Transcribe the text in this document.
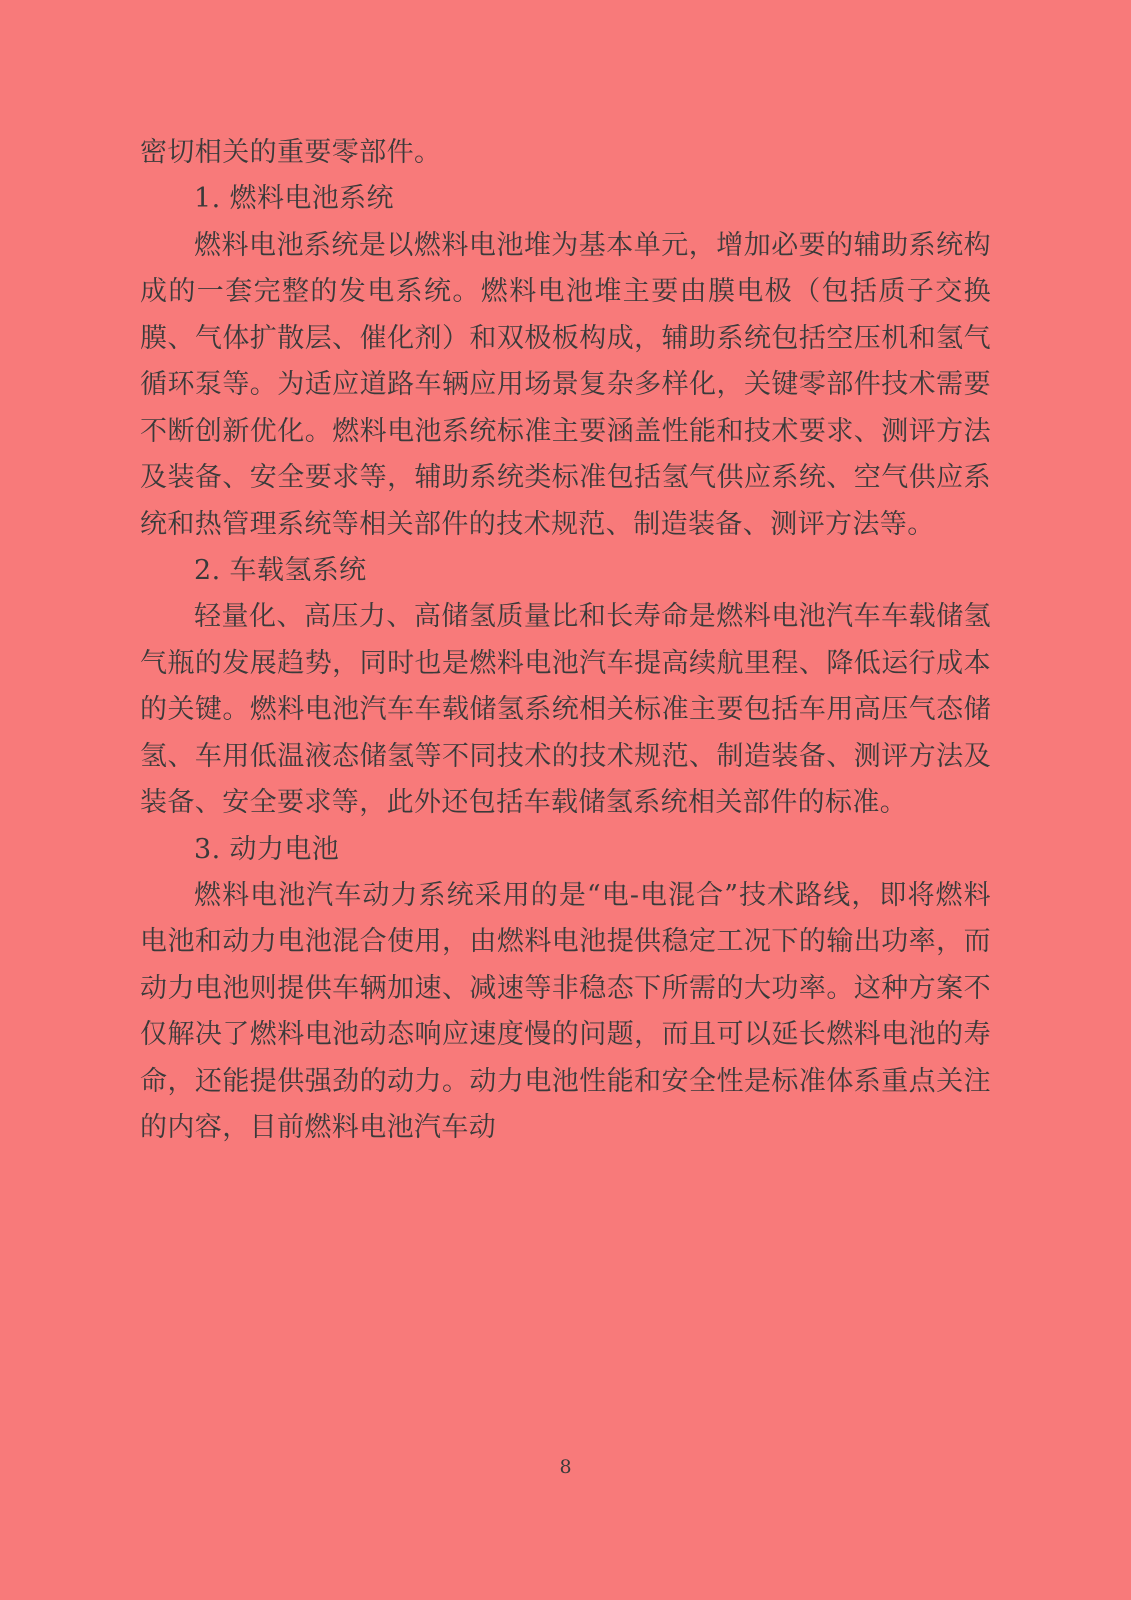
密切相关的重要零部件。

1. 燃料电池系统

燃料电池系统是以燃料电池堆为基本单元，增加必要的辅助系统构成的一套完整的发电系统。燃料电池堆主要由膜电极（包括质子交换膜、气体扩散层、催化剂）和双极板构成，辅助系统包括空压机和氢气循环泵等。为适应道路车辆应用场景复杂多样化，关键零部件技术需要不断创新优化。燃料电池系统标准主要涵盖性能和技术要求、测评方法及装备、安全要求等，辅助系统类标准包括氢气供应系统、空气供应系统和热管理系统等相关部件的技术规范、制造装备、测评方法等。

2. 车载氢系统

轻量化、高压力、高储氢质量比和长寿命是燃料电池汽车车载储氢气瓶的发展趋势，同时也是燃料电池汽车提高续航里程、降低运行成本的关键。燃料电池汽车车载储氢系统相关标准主要包括车用高压气态储氢、车用低温液态储氢等不同技术的技术规范、制造装备、测评方法及装备、安全要求等，此外还包括车载储氢系统相关部件的标准。

3. 动力电池

燃料电池汽车动力系统采用的是“电-电混合”技术路线，即将燃料电池和动力电池混合使用，由燃料电池提供稳定工况下的输出功率，而动力电池则提供车辆加速、减速等非稳态下所需的大功率。这种方案不仅解决了燃料电池动态响应速度慢的问题，而且可以延长燃料电池的寿命，还能提供强劲的动力。动力电池性能和安全性是标准体系重点关注的内容，目前燃料电池汽车动

8
